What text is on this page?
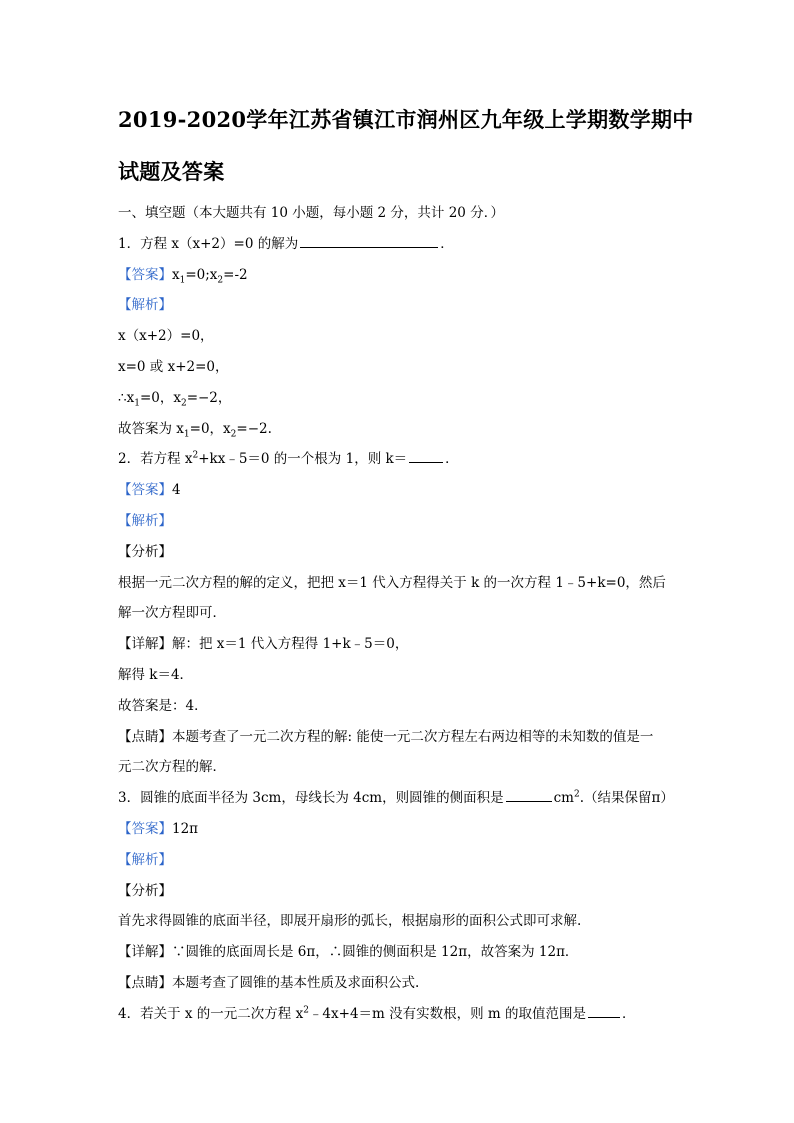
2019-2020学年江苏省镇江市润州区九年级上学期数学期中
试题及答案
一、填空题（本大题共有 10 小题，每小题 2 分，共计 20 分．）
1．方程 x（x+2）=0 的解为	．
【答案】$x_1=0;x_2=-2$
【解析】
x（x+2）=0，
x=0 或 x+2=0，
$\therefore x_1=0$，$x_2=-2$，
故答案为 $x_1=0$，$x_2=-2$.
2．若方程 $x^2+kx﹣5=0$ 的一个根为 1，则 k＝	．
【答案】4
【解析】
【分析】
根据一元二次方程的解的定义，把把 x＝1 代入方程得关于 k 的一次方程 1﹣5+k=0，然后
解一次方程即可．
【详解】解：把 x＝1 代入方程得 1+k﹣5＝0，
解得 k＝4．
故答案是：4．
【点睛】本题考查了一元二次方程的解: 能使一元二次方程左右两边相等的未知数的值是一
元二次方程的解．
3．圆锥的底面半径为 3cm，母线长为 4cm，则圆锥的侧面积是	$cm^2$.（结果保留π）
【答案】12π
【解析】
【分析】
首先求得圆锥的底面半径，即展开扇形的弧长，根据扇形的面积公式即可求解.
【详解】∵圆锥的底面周长是 6π，∴圆锥的侧面积是 12π，故答案为 12π．
【点睛】本题考查了圆锥的基本性质及求面积公式.
4．若关于 x 的一元二次方程 $x^2﹣4x+4=m$ 没有实数根，则 m 的取值范围是	．
